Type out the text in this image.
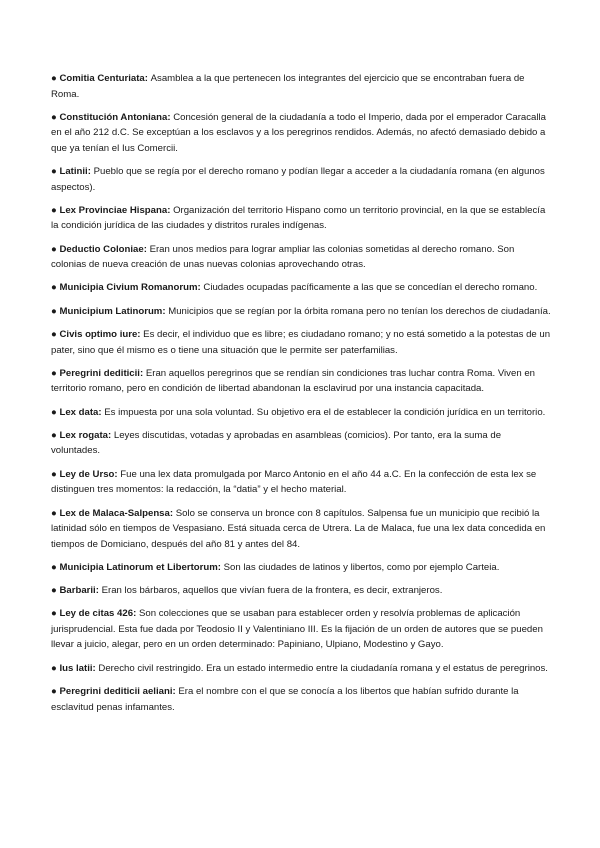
● Comitia Centuriata: Asamblea a la que pertenecen los integrantes del ejercicio que se encontraban fuera de Roma.

● Constitución Antoniana: Concesión general de la ciudadanía a todo el Imperio, dada por el emperador Caracalla en el año 212 d.C. Se exceptúan a los esclavos y a los peregrinos rendidos. Además, no afectó demasiado debido a que ya tenían el Ius Comercii.

● Latinii: Pueblo que se regía por el derecho romano y podían llegar a acceder a la ciudadanía romana (en algunos aspectos).

● Lex Provinciae Hispana: Organización del territorio Hispano como un territorio provincial, en la que se establecía la condición jurídica de las ciudades y distritos rurales indígenas.

● Deductio Coloniae: Eran unos medios para lograr ampliar las colonias sometidas al derecho romano. Son colonias de nueva creación de unas nuevas colonias aprovechando otras.

● Municipia Civium Romanorum: Ciudades ocupadas pacíficamente a las que se concedían el derecho romano.

● Municipium Latinorum: Municipios que se regían por la órbita romana pero no tenían los derechos de ciudadanía.

● Civis optimo iure: Es decir, el individuo que es libre; es ciudadano romano; y no está sometido a la potestas de un pater, sino que él mismo es o tiene una situación que le permite ser paterfamilias.

● Peregrini dediticii: Eran aquellos peregrinos que se rendían sin condiciones tras luchar contra Roma. Viven en territorio romano, pero en condición de libertad abandonan la esclavirud por una instancia capacitada.

● Lex data: Es impuesta por una sola voluntad. Su objetivo era el de establecer la condición jurídica en un territorio.

● Lex rogata: Leyes discutidas, votadas y aprobadas en asambleas (comicios). Por tanto, era la suma de voluntades.

● Ley de Urso: Fue una lex data promulgada por Marco Antonio en el año 44 a.C. En la confección de esta lex se distinguen tres momentos: la redacción, la “datia” y el hecho material.

● Lex de Malaca-Salpensa: Solo se conserva un bronce con 8 capítulos. Salpensa fue un municipio que recibió la latinidad sólo en tiempos de Vespasiano. Está situada cerca de Utrera. La de Malaca, fue una lex data concedida en tiempos de Domiciano, después del año 81 y antes del 84.

● Municipia Latinorum et Libertorum: Son las ciudades de latinos y libertos, como por ejemplo Carteia.

● Barbarii: Eran los bárbaros, aquellos que vivían fuera de la frontera, es decir, extranjeros.

● Ley de citas 426: Son colecciones que se usaban para establecer orden y resolvía problemas de aplicación jurisprudencial. Esta fue dada por Teodosio II y Valentiniano III. Es la fijación de un orden de autores que se pueden llevar a juicio, alegar, pero en un orden determinado: Papiniano, Ulpiano, Modestino y Gayo.

● Ius latii: Derecho civil restringido. Era un estado intermedio entre la ciudadanía romana y el estatus de peregrinos.

● Peregrini dediticii aeliani: Era el nombre con el que se conocía a los libertos que habían sufrido durante la esclavitud penas infamantes.
